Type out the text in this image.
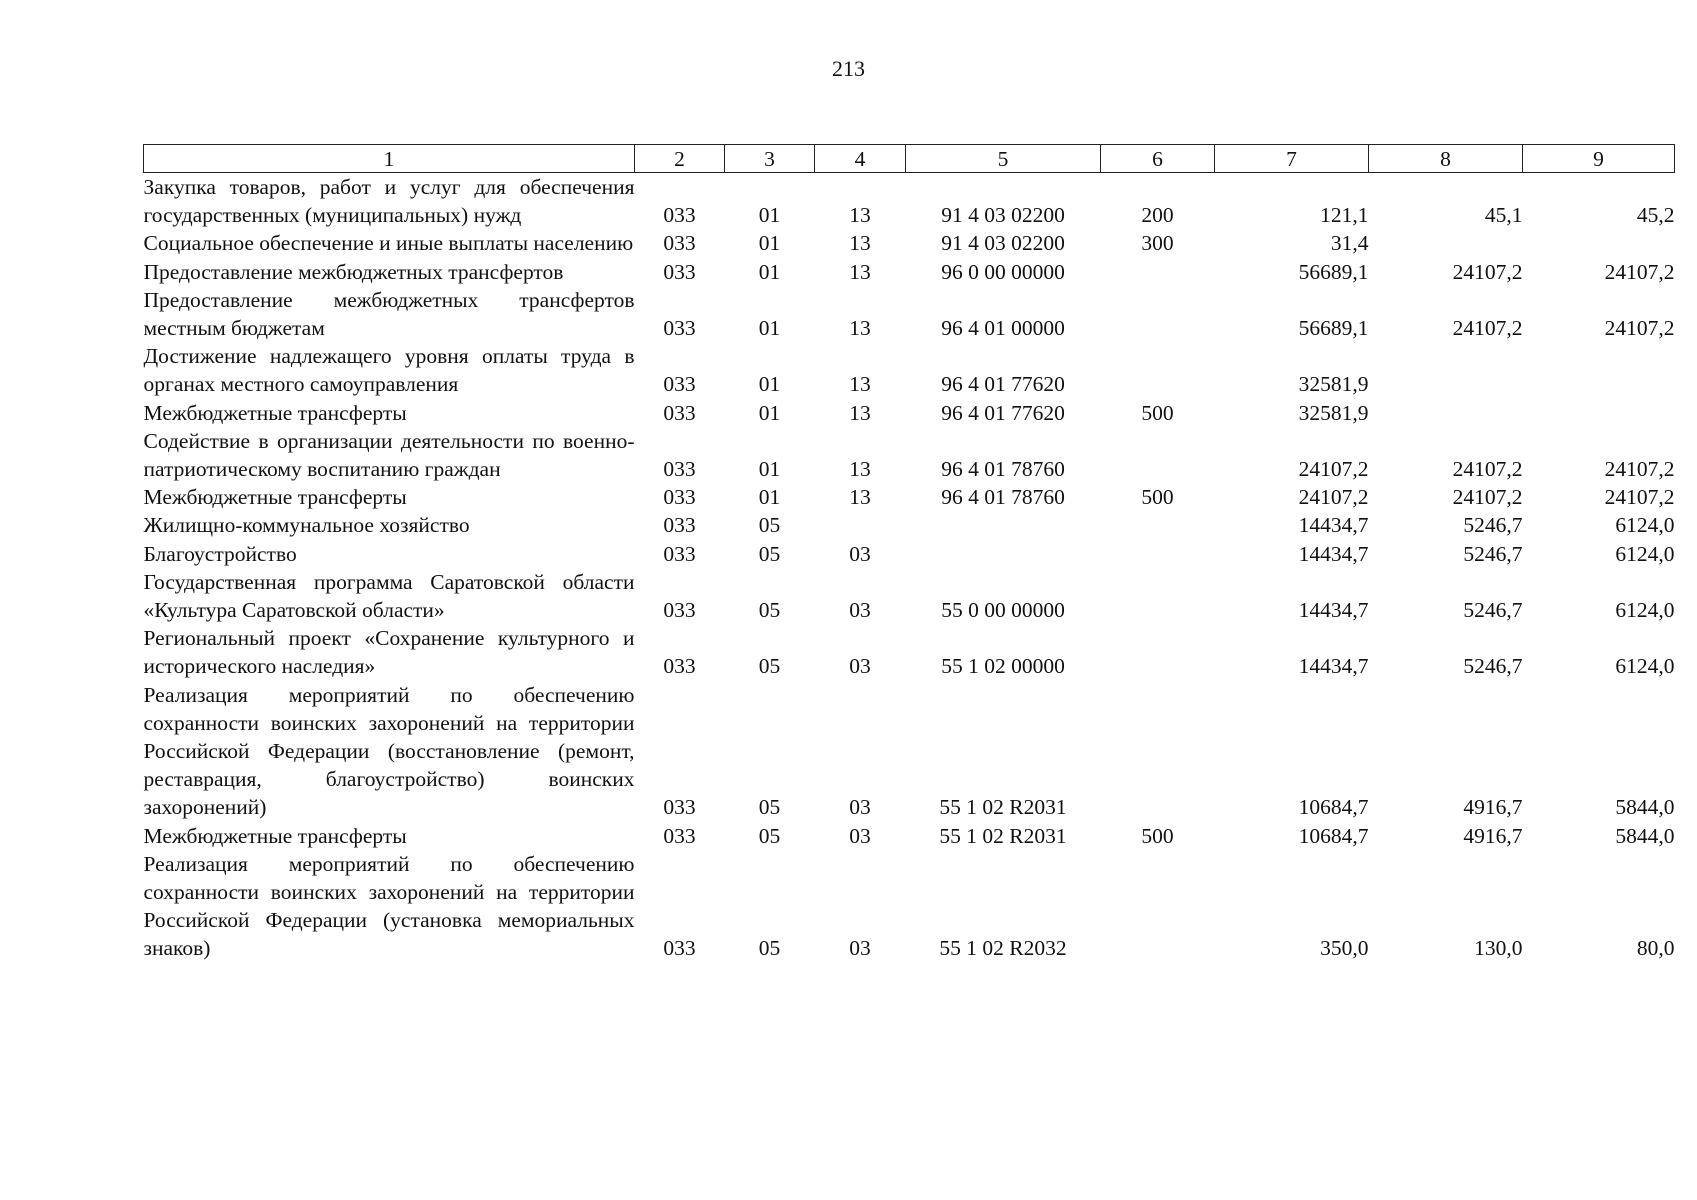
213
1	2	3	4	5	6	7	8	9
Закупка товаров, работ и услуг для обеспечения государственных (муниципальных) нужд	033	01	13	91 4 03 02200	200	121,1	45,1	45,2
Социальное обеспечение и иные выплаты населению	033	01	13	91 4 03 02200	300	31,4		
Предоставление межбюджетных трансфертов	033	01	13	96 0 00 00000		56689,1	24107,2	24107,2
Предоставление межбюджетных трансфертов местным бюджетам	033	01	13	96 4 01 00000		56689,1	24107,2	24107,2
Достижение надлежащего уровня оплаты труда в органах местного самоуправления	033	01	13	96 4 01 77620		32581,9		
Межбюджетные трансферты	033	01	13	96 4 01 77620	500	32581,9		
Содействие в организации деятельности по военно-патриотическому воспитанию граждан	033	01	13	96 4 01 78760		24107,2	24107,2	24107,2
Межбюджетные трансферты	033	01	13	96 4 01 78760	500	24107,2	24107,2	24107,2
Жилищно-коммунальное хозяйство	033	05				14434,7	5246,7	6124,0
Благоустройство	033	05	03			14434,7	5246,7	6124,0
Государственная программа Саратовской области «Культура Саратовской области»	033	05	03	55 0 00 00000		14434,7	5246,7	6124,0
Региональный проект «Сохранение культурного и исторического наследия»	033	05	03	55 1 02 00000		14434,7	5246,7	6124,0
Реализация мероприятий по обеспечению сохранности воинских захоронений на территории Российской Федерации (восстановление (ремонт, реставрация, благоустройство) воинских захоронений)	033	05	03	55 1 02 R2031		10684,7	4916,7	5844,0
Межбюджетные трансферты	033	05	03	55 1 02 R2031	500	10684,7	4916,7	5844,0
Реализация мероприятий по обеспечению сохранности воинских захоронений на территории Российской Федерации (установка мемориальных знаков)	033	05	03	55 1 02 R2032		350,0	130,0	80,0
